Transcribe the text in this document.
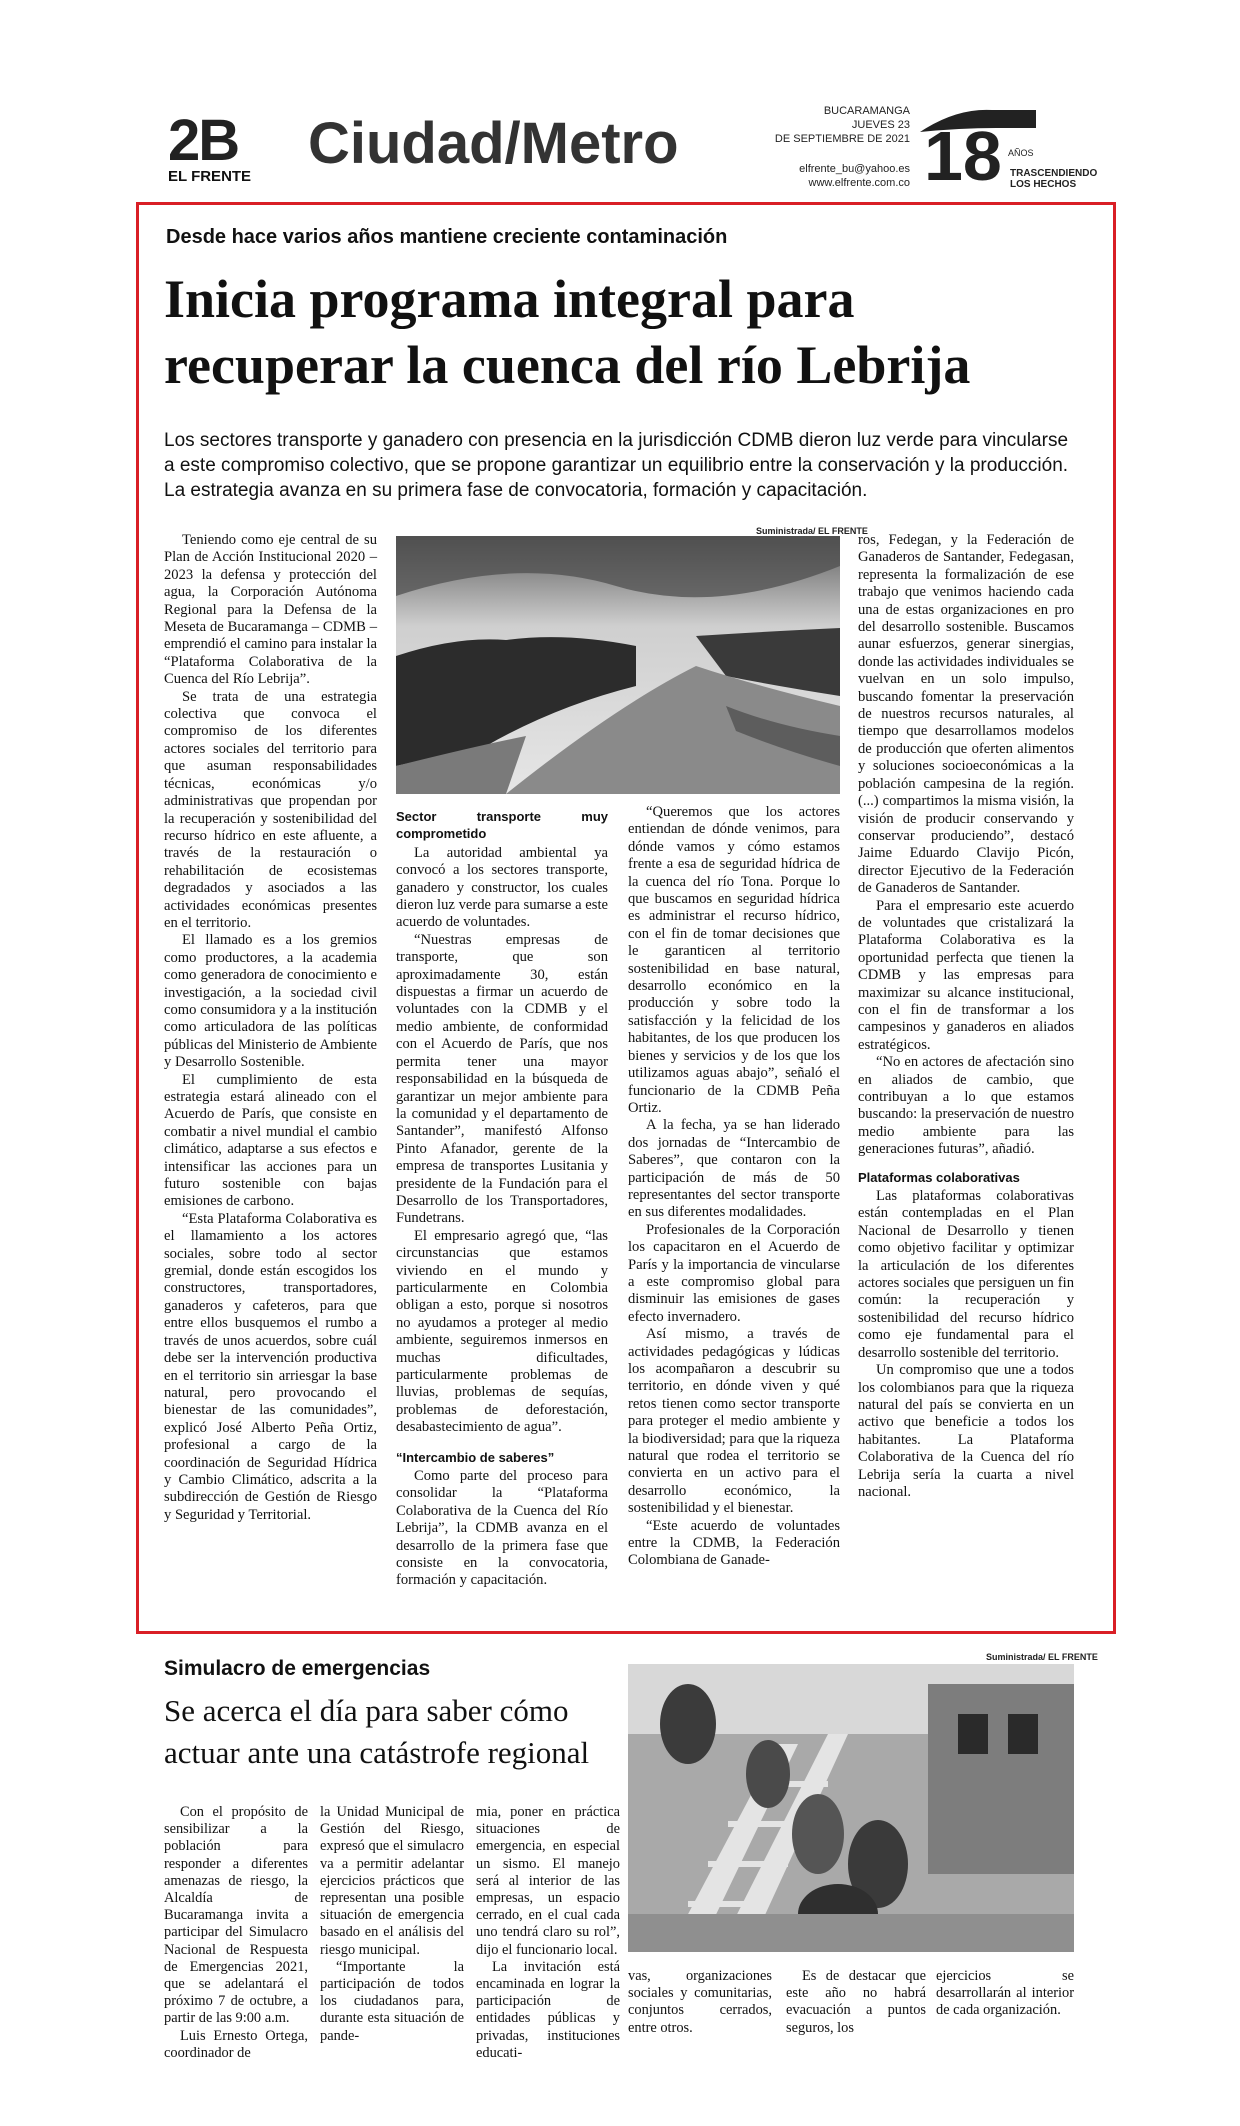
2B
EL FRENTE
Ciudad/Metro	BUCARAMANGA
JUEVES 23
DE SEPTIEMBRE DE 2021
elfrente_bu@yahoo.es
www.elfrente.com.co 18 AÑOS
TRASCENDIENDO
LOS HECHOS
Desde hace varios años mantiene creciente contaminación
Inicia programa integral para
recuperar la cuenca del río Lebrija
Los sectores transporte y ganadero con presencia en la jurisdicción CDMB dieron luz verde para vincularse a este compromiso colectivo, que se propone garantizar un equilibrio entre la conservación y la producción. La estrategia avanza en su primera fase de convocatoria, formación y capacitación.
Suministrada/ EL FRENTE

Teniendo como eje central de su Plan de Acción Institucional 2020 – 2023 la defensa y protección del agua, la Corporación Autónoma Regional para la Defensa de la Meseta de Bucaramanga – CDMB – emprendió el camino para instalar la “Plataforma Colaborativa de la Cuenca del Río Lebrija”.

Se trata de una estrategia colectiva que convoca el compromiso de los diferentes actores sociales del territorio para que asuman responsabilidades técnicas, económicas y/o administrativas que propendan por la recuperación y sostenibilidad del recurso hídrico en este afluente, a través de la restauración o rehabilitación de ecosistemas degradados y asociados a las actividades económicas presentes en el territorio.

El llamado es a los gremios como productores, a la academia como generadora de conocimiento e investigación, a la sociedad civil como consumidora y a la institución como articuladora de las políticas públicas del Ministerio de Ambiente y Desarrollo Sostenible.

El cumplimiento de esta estrategia estará alineado con el Acuerdo de París, que consiste en combatir a nivel mundial el cambio climático, adaptarse a sus efectos e intensificar las acciones para un futuro sostenible con bajas emisiones de carbono.

“Esta Plataforma Colaborativa es el llamamiento a los actores sociales, sobre todo al sector gremial, donde están escogidos los constructores, transportadores, ganaderos y cafeteros, para que entre ellos busquemos el rumbo a través de unos acuerdos, sobre cuál debe ser la intervención productiva en el territorio sin arriesgar la base natural, pero provocando el bienestar de las comunidades”, explicó José Alberto Peña Ortiz, profesional a cargo de la coordinación de Seguridad Hídrica y Cambio Climático, adscrita a la subdirección de Gestión de Riesgo y Seguridad y Territorial.

Sector transporte muy comprometido

La autoridad ambiental ya convocó a los sectores transporte, ganadero y constructor, los cuales dieron luz verde para sumarse a este acuerdo de voluntades.

“Nuestras empresas de transporte, que son aproximadamente 30, están dispuestas a firmar un acuerdo de voluntades con la CDMB y el medio ambiente, de conformidad con el Acuerdo de París, que nos permita tener una mayor responsabilidad en la búsqueda de garantizar un mejor ambiente para la comunidad y el departamento de Santander”, manifestó Alfonso Pinto Afanador, gerente de la empresa de transportes Lusitania y presidente de la Fundación para el Desarrollo de los Transportadores, Fundetrans.

El empresario agregó que, “las circunstancias que estamos viviendo en el mundo y particularmente en Colombia obligan a esto, porque si nosotros no ayudamos a proteger al medio ambiente, seguiremos inmersos en muchas dificultades, particularmente problemas de lluvias, problemas de sequías, problemas de deforestación, desabastecimiento de agua”.

“Intercambio de saberes”

Como parte del proceso para consolidar la “Plataforma Colaborativa de la Cuenca del Río Lebrija”, la CDMB avanza en el desarrollo de la primera fase que consiste en la convocatoria, formación y capacitación.

“Queremos que los actores entiendan de dónde venimos, para dónde vamos y cómo estamos frente a esa de seguridad hídrica de la cuenca del río Tona. Porque lo que buscamos en seguridad hídrica es administrar el recurso hídrico, con el fin de tomar decisiones que le garanticen al territorio sostenibilidad en base natural, desarrollo económico en la producción y sobre todo la satisfacción y la felicidad de los habitantes, de los que producen los bienes y servicios y de los que los utilizamos aguas abajo”, señaló el funcionario de la CDMB Peña Ortiz.

A la fecha, ya se han liderado dos jornadas de “Intercambio de Saberes”, que contaron con la participación de más de 50 representantes del sector transporte en sus diferentes modalidades.

Profesionales de la Corporación los capacitaron en el Acuerdo de París y la importancia de vincularse a este compromiso global para disminuir las emisiones de gases efecto invernadero.

Así mismo, a través de actividades pedagógicas y lúdicas los acompañaron a descubrir su territorio, en dónde viven y qué retos tienen como sector transporte para proteger el medio ambiente y la biodiversidad; para que la riqueza natural que rodea el territorio se convierta en un activo para el desarrollo económico, la sostenibilidad y el bienestar.

“Este acuerdo de voluntades entre la CDMB, la Federación Colombiana de Ganade-

ros, Fedegan, y la Federación de Ganaderos de Santander, Fedegasan, representa la formalización de ese trabajo que venimos haciendo cada una de estas organizaciones en pro del desarrollo sostenible. Buscamos aunar esfuerzos, generar sinergias, donde las actividades individuales se vuelvan en un solo impulso, buscando fomentar la preservación de nuestros recursos naturales, al tiempo que desarrollamos modelos de producción que oferten alimentos y soluciones socioeconómicas a la población campesina de la región. (...) compartimos la misma visión, la visión de producir conservando y conservar produciendo”, destacó Jaime Eduardo Clavijo Picón, director Ejecutivo de la Federación de Ganaderos de Santander.

Para el empresario este acuerdo de voluntades que cristalizará la Plataforma Colaborativa es la oportunidad perfecta que tienen la CDMB y las empresas para maximizar su alcance institucional, con el fin de transformar a los campesinos y ganaderos en aliados estratégicos.

“No en actores de afectación sino en aliados de cambio, que contribuyan a lo que estamos buscando: la preservación de nuestro medio ambiente para las generaciones futuras”, añadió.

Plataformas colaborativas

Las plataformas colaborativas están contempladas en el Plan Nacional de Desarrollo y tienen como objetivo facilitar y optimizar la articulación de los diferentes actores sociales que persiguen un fin común: la recuperación y sostenibilidad del recurso hídrico como eje fundamental para el desarrollo sostenible del territorio.

Un compromiso que une a todos los colombianos para que la riqueza natural del país se convierta en un activo que beneficie a todos los habitantes. La Plataforma Colaborativa de la Cuenca del río Lebrija sería la cuarta a nivel nacional.

Simulacro de emergencias
Se acerca el día para saber cómo
actuar ante una catástrofe regional
Suministrada/ EL FRENTE

Con el propósito de sensibilizar a la población para responder a diferentes amenazas de riesgo, la Alcaldía de Bucaramanga invita a participar del Simulacro Nacional de Respuesta de Emergencias 2021, que se adelantará el próximo 7 de octubre, a partir de las 9:00 a.m.

Luis Ernesto Ortega, coordinador de

la Unidad Municipal de Gestión del Riesgo, expresó que el simulacro va a permitir adelantar ejercicios prácticos que representan una posible situación de emergencia basado en el análisis del riesgo municipal.

“Importante la participación de todos los ciudadanos para, durante esta situación de pande-

mia, poner en práctica situaciones de emergencia, en especial un sismo. El manejo será al interior de las empresas, un espacio cerrado, en el cual cada uno tendrá claro su rol”, dijo el funcionario local.

La invitación está encaminada en lograr la participación de entidades públicas y privadas, instituciones educati-

vas, organizaciones sociales y comunitarias, conjuntos cerrados, entre otros.

Es de destacar que este año no habrá evacuación a puntos seguros, los

ejercicios se desarrollarán al interior de cada organización.
